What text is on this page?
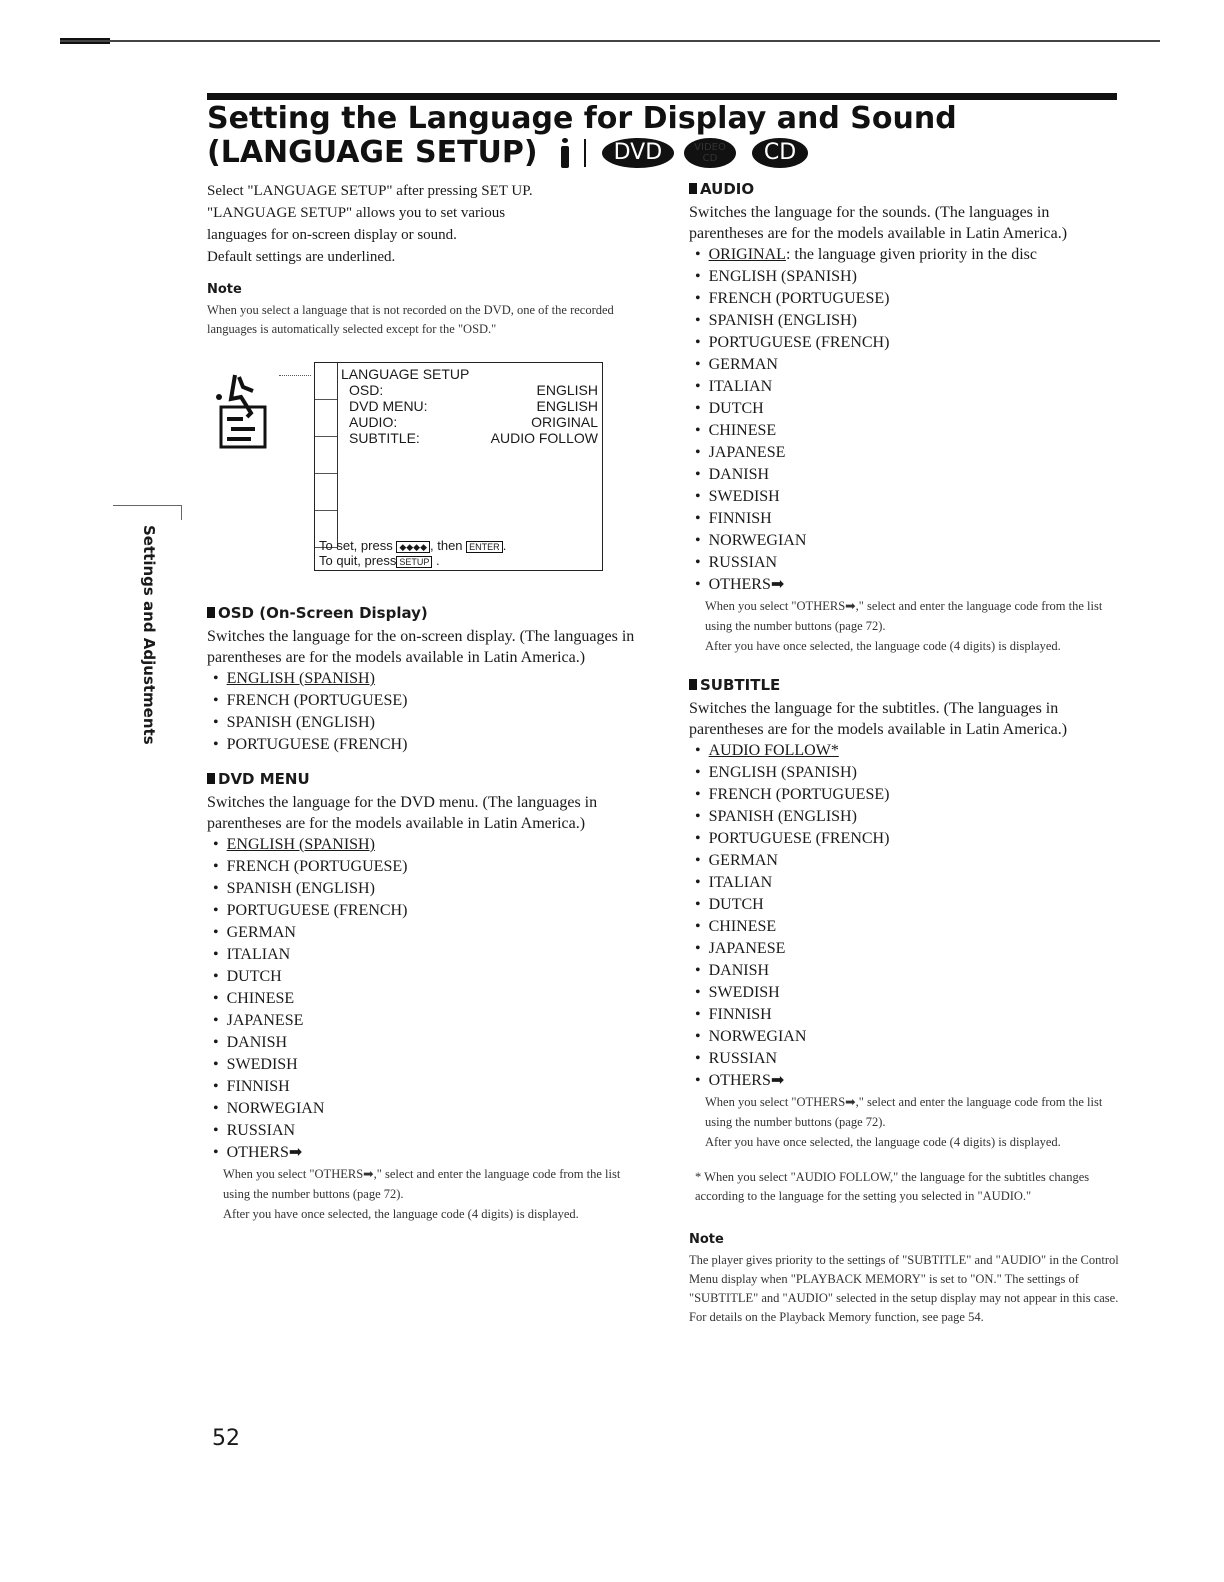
Setting the Language for Display and Sound
(LANGUAGE SETUP)	DVD	VIDEO
CD	CD
Settings and Adjustments

Select "LANGUAGE SETUP" after pressing SET UP.

"LANGUAGE SETUP" allows you to set various

languages for on-screen display or sound.

Default settings are underlined.

Note

When you select a language that is not recorded on the DVD, one of the recorded languages is automatically selected except for the "OSD."

LANGUAGE SETUP
OSD:	ENGLISH
DVD MENU:	ENGLISH
AUDIO:	ORIGINAL
SUBTITLE:	AUDIO FOLLOW
To set, press ◆◆◆◆ , then ENTER .
To quit, press SETUP .
OSD (On-Screen Display)

Switches the language for the on-screen display. (The languages in parentheses are for the models available in Latin America.)

• ENGLISH (SPANISH)
• FRENCH (PORTUGUESE)
• SPANISH (ENGLISH)
• PORTUGUESE (FRENCH)
DVD MENU

Switches the language for the DVD menu. (The languages in parentheses are for the models available in Latin America.)

• ENGLISH (SPANISH)
• FRENCH (PORTUGUESE)
• SPANISH (ENGLISH)
• PORTUGUESE (FRENCH)
• GERMAN
• ITALIAN
• DUTCH
• CHINESE
• JAPANESE
• DANISH
• SWEDISH
• FINNISH
• NORWEGIAN
• RUSSIAN
• OTHERS➡

When you select "OTHERS➡," select and enter the language code from the list using the number buttons (page 72).

After you have once selected, the language code (4 digits) is displayed.

AUDIO

Switches the language for the sounds. (The languages in parentheses are for the models available in Latin America.)

• ORIGINAL: the language given priority in the disc
• ENGLISH (SPANISH)
• FRENCH (PORTUGUESE)
• SPANISH (ENGLISH)
• PORTUGUESE (FRENCH)
• GERMAN
• ITALIAN
• DUTCH
• CHINESE
• JAPANESE
• DANISH
• SWEDISH
• FINNISH
• NORWEGIAN
• RUSSIAN
• OTHERS➡

When you select "OTHERS➡," select and enter the language code from the list using the number buttons (page 72).

After you have once selected, the language code (4 digits) is displayed.

SUBTITLE

Switches the language for the subtitles. (The languages in parentheses are for the models available in Latin America.)

• AUDIO FOLLOW*
• ENGLISH (SPANISH)
• FRENCH (PORTUGUESE)
• SPANISH (ENGLISH)
• PORTUGUESE (FRENCH)
• GERMAN
• ITALIAN
• DUTCH
• CHINESE
• JAPANESE
• DANISH
• SWEDISH
• FINNISH
• NORWEGIAN
• RUSSIAN
• OTHERS➡

When you select "OTHERS➡," select and enter the language code from the list using the number buttons (page 72).

After you have once selected, the language code (4 digits) is displayed.

* When you select "AUDIO FOLLOW," the language for the subtitles changes according to the language for the setting you selected in "AUDIO."

Note

The player gives priority to the settings of "SUBTITLE" and "AUDIO" in the Control Menu display when "PLAYBACK MEMORY" is set to "ON." The settings of "SUBTITLE" and "AUDIO" selected in the setup display may not appear in this case. For details on the Playback Memory function, see page 54.

52
